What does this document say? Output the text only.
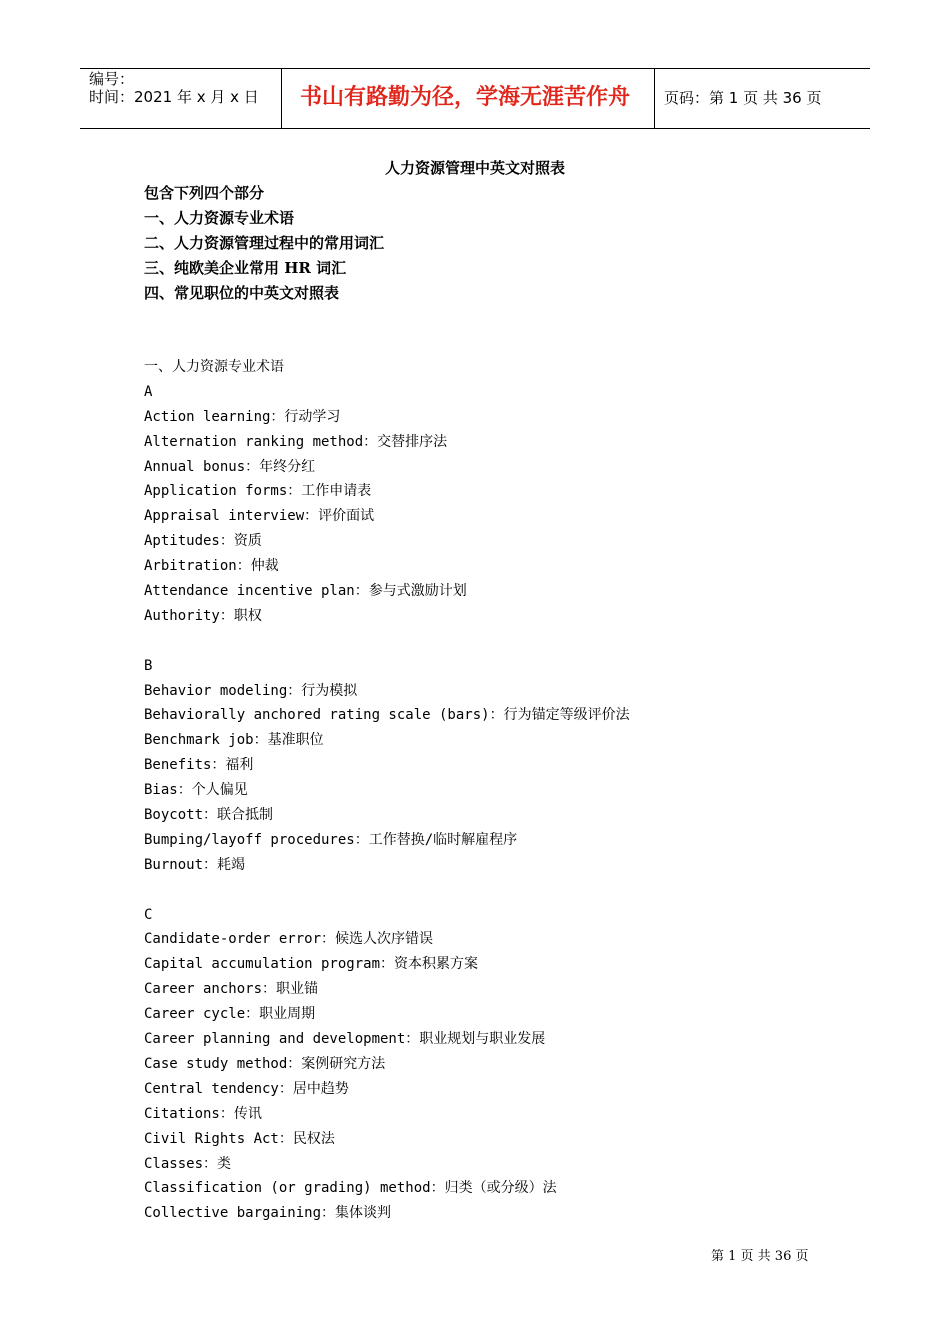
编号：
时间：2021 年 x 月 x 日 书山有路勤为径，学海无涯苦作舟 页码：第 1 页 共 36 页
人力资源管理中英文对照表
包含下列四个部分
一、人力资源专业术语
二、人力资源管理过程中的常用词汇
三、纯欧美企业常用 HR 词汇
四、常见职位的中英文对照表
一、人力资源专业术语
A
Action learning：行动学习
Alternation ranking method：交替排序法
Annual bonus：年终分红
Application forms：工作申请表
Appraisal interview：评价面试
Aptitudes：资质
Arbitration：仲裁
Attendance incentive plan：参与式激励计划
Authority：职权
B
Behavior modeling：行为模拟
Behaviorally anchored rating scale (bars)：行为锚定等级评价法
Benchmark job：基准职位
Benefits：福利
Bias：个人偏见
Boycott：联合抵制
Bumping/layoff procedures：工作替换/临时解雇程序
Burnout：耗竭
C
Candidate-order error：候选人次序错误
Capital accumulation program：资本积累方案
Career anchors：职业锚
Career cycle：职业周期
Career planning and development：职业规划与职业发展
Case study method：案例研究方法
Central tendency：居中趋势
Citations：传讯
Civil Rights Act：民权法
Classes：类
Classification (or grading) method：归类（或分级）法
Collective bargaining：集体谈判
第 1 页 共 36 页
